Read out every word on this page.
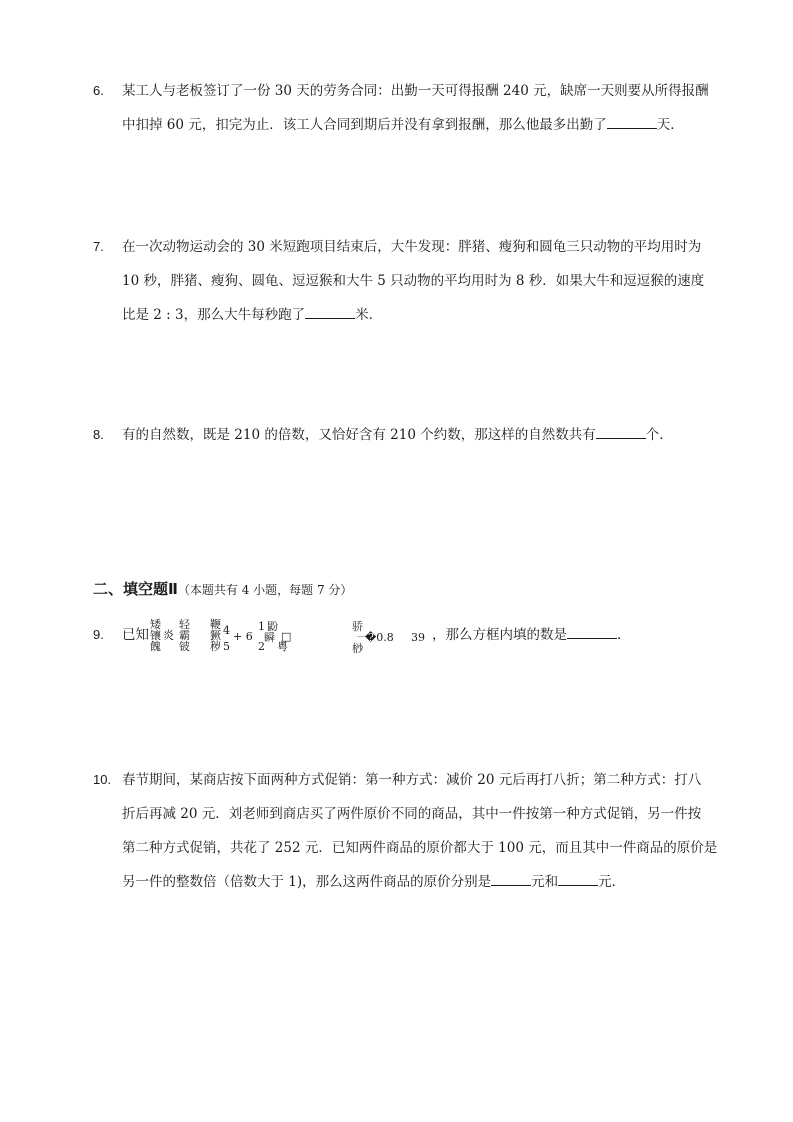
6. 某工人与老板签订了一份 30 天的劳务合同：出勤一天可得报酬 240 元，缺席一天则要从所得报酬
中扣掉 60 元，扣完为止．该工人合同到期后并没有拿到报酬，那么他最多出勤了	天．
7. 在一次动物运动会的 30 米短跑项目结束后，大牛发现：胖猪、瘦狗和圆龟三只动物的平均用时为
10 秒，胖猪、瘦狗、圆龟、逗逗猴和大牛 5 只动物的平均用时为 8 秒．如果大牛和逗逗猴的速度
比是 2 : 3，那么大牛每秒跑了	米．
8. 有的自然数，既是 210 的倍数，又恰好含有 210 个约数，那这样的自然数共有	个．
二、填空题Ⅱ（本题共有 4 小题，每题 7 分）
9. 已知
矮
镶
餽
炎
轻
霸
铍
鞭
獗
秽
4
5
+ 6
1
2
鼢
瞬
粤
□
骄
一
桫
�0.8 39 ，那么方框内填的数是	．
10. 春节期间，某商店按下面两种方式促销：第一种方式：减价 20 元后再打八折；第二种方式：打八
折后再减 20 元．刘老师到商店买了两件原价不同的商品，其中一件按第一种方式促销，另一件按
第二种方式促销，共花了 252 元．已知两件商品的原价都大于 100 元，而且其中一件商品的原价是
另一件的整数倍（倍数大于 1)，那么这两件商品的原价分别是	元和	元．
